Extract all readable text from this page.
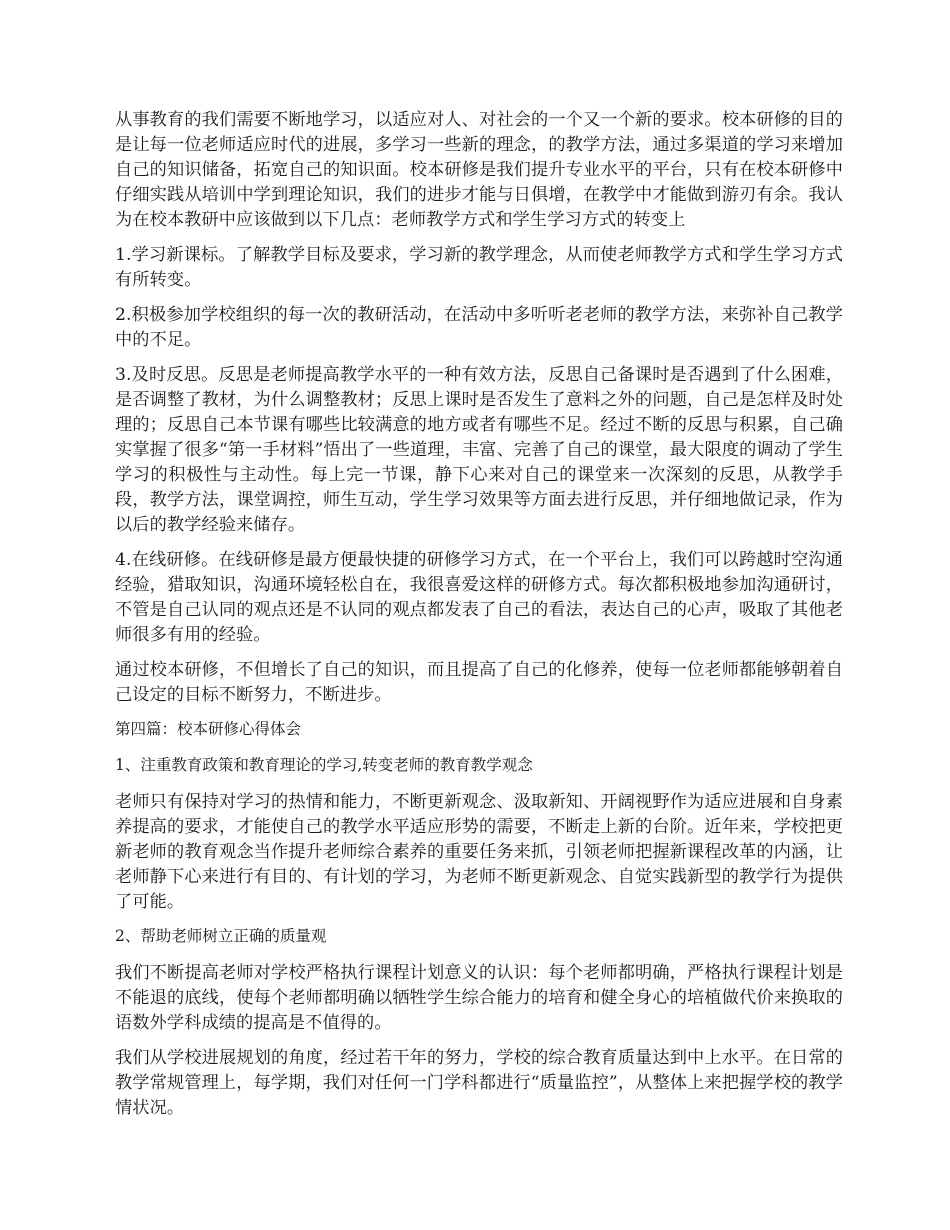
从事教育的我们需要不断地学习，以适应对人、对社会的一个又一个新的要求。校本研修的目的是让每一位老师适应时代的进展，多学习一些新的理念，的教学方法，通过多渠道的学习来增加自己的知识储备，拓宽自己的知识面。校本研修是我们提升专业水平的平台，只有在校本研修中仔细实践从培训中学到理论知识，我们的进步才能与日俱增，在教学中才能做到游刃有余。我认为在校本教研中应该做到以下几点：老师教学方式和学生学习方式的转变上

1.学习新课标。了解教学目标及要求，学习新的教学理念，从而使老师教学方式和学生学习方式有所转变。

2.积极参加学校组织的每一次的教研活动，在活动中多听听老老师的教学方法，来弥补自己教学中的不足。

3.及时反思。反思是老师提高教学水平的一种有效方法，反思自己备课时是否遇到了什么困难，是否调整了教材，为什么调整教材；反思上课时是否发生了意料之外的问题，自己是怎样及时处理的；反思自己本节课有哪些比较满意的地方或者有哪些不足。经过不断的反思与积累，自己确实掌握了很多“第一手材料”悟出了一些道理，丰富、完善了自己的课堂，最大限度的调动了学生学习的积极性与主动性。每上完一节课，静下心来对自己的课堂来一次深刻的反思，从教学手段，教学方法，课堂调控，师生互动，学生学习效果等方面去进行反思，并仔细地做记录，作为以后的教学经验来储存。

4.在线研修。在线研修是最方便最快捷的研修学习方式，在一个平台上，我们可以跨越时空沟通经验，猎取知识，沟通环境轻松自在，我很喜爱这样的研修方式。每次都积极地参加沟通研讨，不管是自己认同的观点还是不认同的观点都发表了自己的看法，表达自己的心声，吸取了其他老师很多有用的经验。

通过校本研修，不但增长了自己的知识，而且提高了自己的化修养，使每一位老师都能够朝着自己设定的目标不断努力，不断进步。

第四篇：校本研修心得体会

1、注重教育政策和教育理论的学习,转变老师的教育教学观念

老师只有保持对学习的热情和能力，不断更新观念、汲取新知、开阔视野作为适应进展和自身素养提高的要求，才能使自己的教学水平适应形势的需要，不断走上新的台阶。近年来，学校把更新老师的教育观念当作提升老师综合素养的重要任务来抓，引领老师把握新课程改革的内涵，让老师静下心来进行有目的、有计划的学习，为老师不断更新观念、自觉实践新型的教学行为提供了可能。

2、帮助老师树立正确的质量观

我们不断提高老师对学校严格执行课程计划意义的认识：每个老师都明确，严格执行课程计划是不能退的底线，使每个老师都明确以牺牲学生综合能力的培育和健全身心的培植做代价来换取的语数外学科成绩的提高是不值得的。

我们从学校进展规划的角度，经过若干年的努力，学校的综合教育质量达到中上水平。在日常的教学常规管理上，每学期，我们对任何一门学科都进行“质量监控”，从整体上来把握学校的教学情状况。
